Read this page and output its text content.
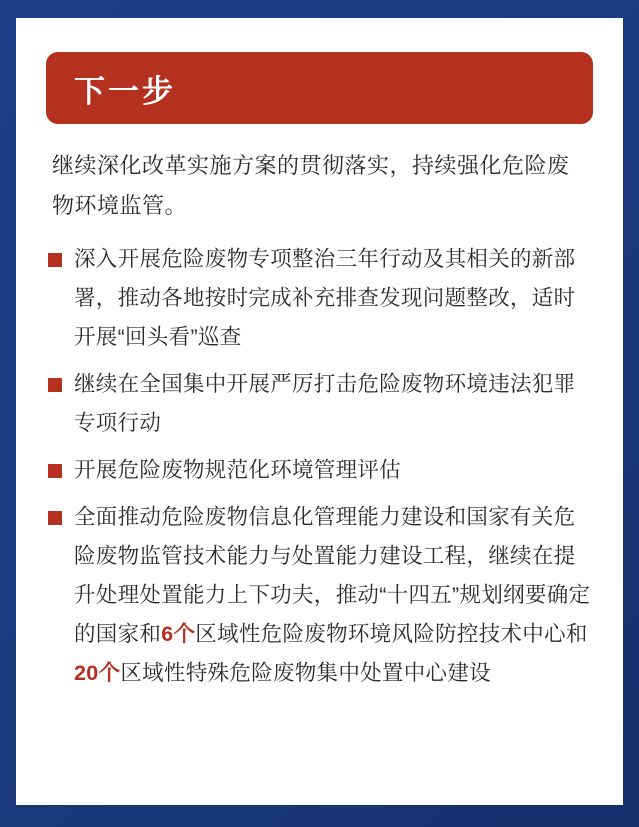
下一步
继续深化改革实施方案的贯彻落实，持续强化危险废物环境监管。
深入开展危险废物专项整治三年行动及其相关的新部署，推动各地按时完成补充排查发现问题整改，适时开展“回头看”巡查
继续在全国集中开展严厉打击危险废物环境违法犯罪专项行动
开展危险废物规范化环境管理评估
全面推动危险废物信息化管理能力建设和国家有关危险废物监管技术能力与处置能力建设工程，继续在提升处理处置能力上下功夫，推动“十四五”规划纲要确定的国家和6个区域性危险废物环境风险防控技术中心和20个区域性特殊危险废物集中处置中心建设
